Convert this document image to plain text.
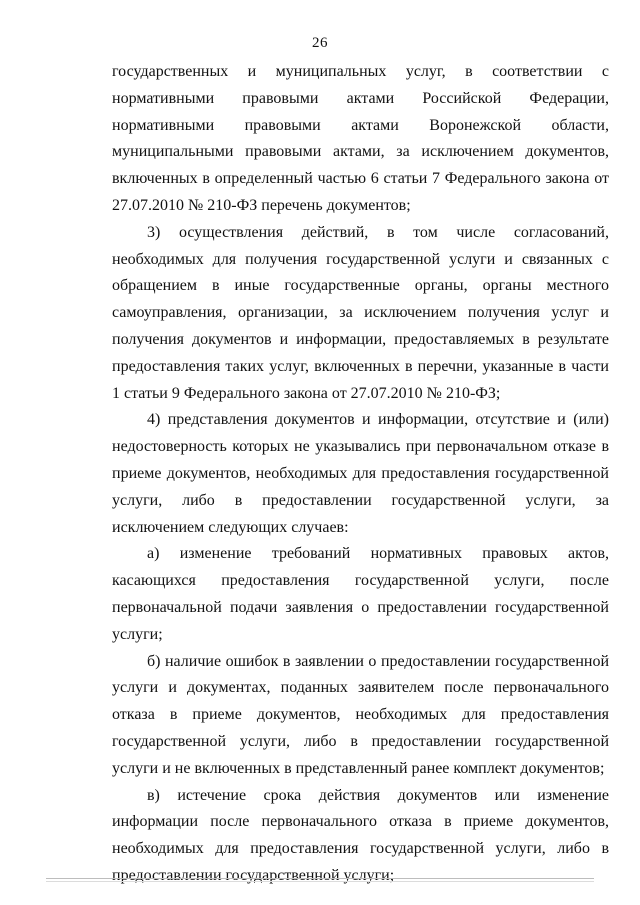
26

государственных и муниципальных услуг, в соответствии с нормативными правовыми актами Российской Федерации, нормативными правовыми актами Воронежской области, муниципальными правовыми актами, за исключением документов, включенных в определенный частью 6 статьи 7 Федерального закона от 27.07.2010 № 210-ФЗ перечень документов;

3) осуществления действий, в том числе согласований, необходимых для получения государственной услуги и связанных с обращением в иные государственные органы, органы местного самоуправления, организации, за исключением получения услуг и получения документов и информации, предоставляемых в результате предоставления таких услуг, включенных в перечни, указанные в части 1 статьи 9 Федерального закона от 27.07.2010 № 210-ФЗ;

4) представления документов и информации, отсутствие и (или) недостоверность которых не указывались при первоначальном отказе в приеме документов, необходимых для предоставления государственной услуги, либо в предоставлении государственной услуги, за исключением следующих случаев:

а) изменение требований нормативных правовых актов, касающихся предоставления государственной услуги, после первоначальной подачи заявления о предоставлении государственной услуги;

б) наличие ошибок в заявлении о предоставлении государственной услуги и документах, поданных заявителем после первоначального отказа в приеме документов, необходимых для предоставления государственной услуги, либо в предоставлении государственной услуги и не включенных в представленный ранее комплект документов;

в) истечение срока действия документов или изменение информации после первоначального отказа в приеме документов, необходимых для предоставления государственной услуги, либо в предоставлении государственной услуги;
